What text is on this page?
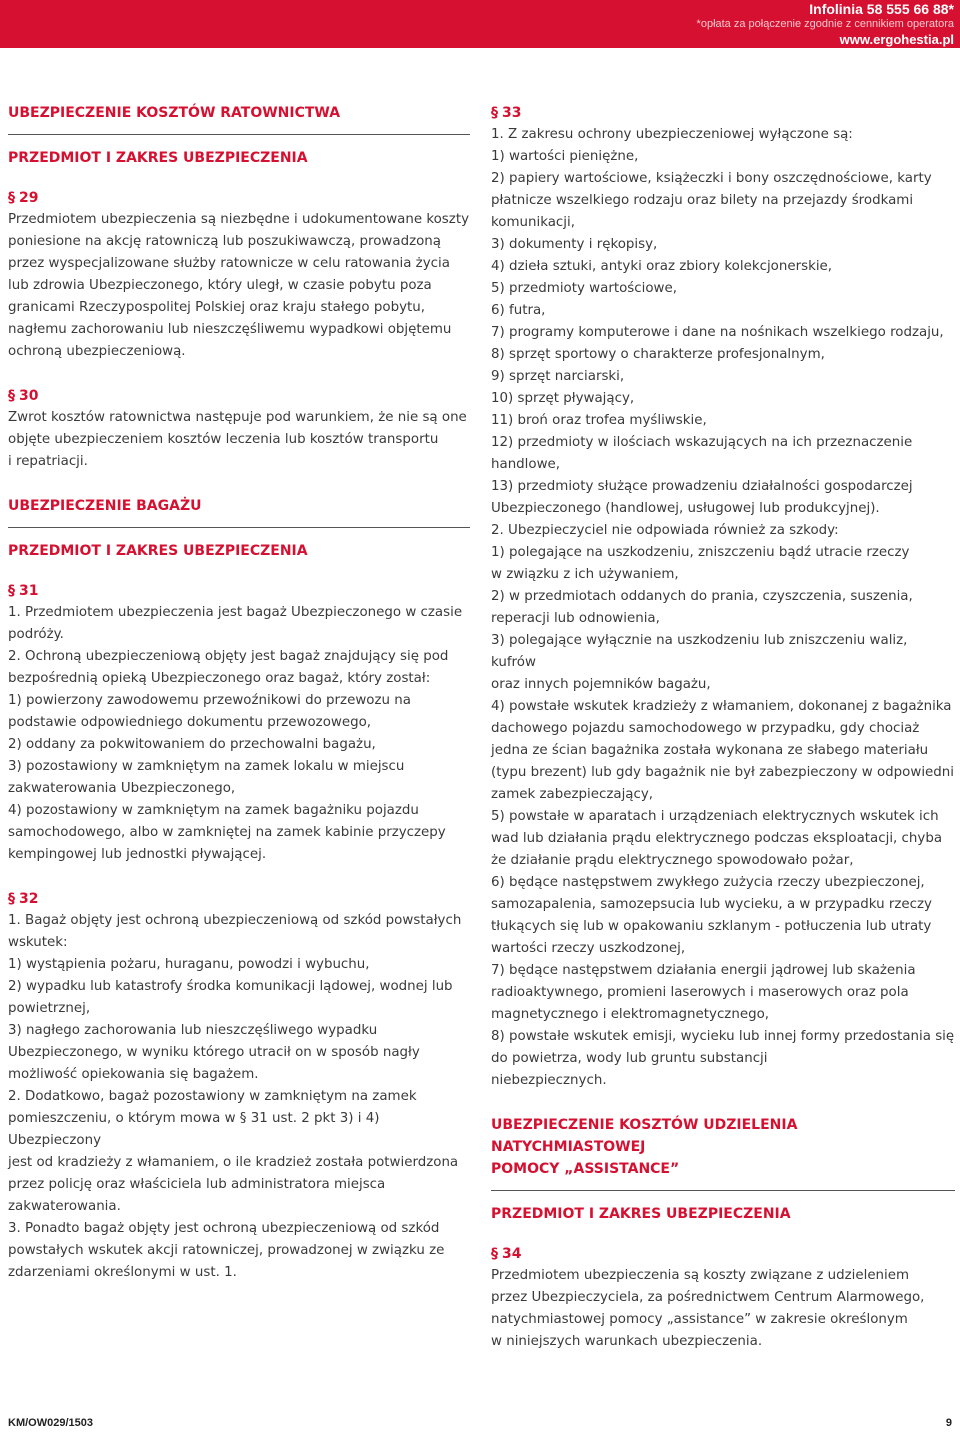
Infolinia 58 555 66 88*
*opłata za połączenie zgodnie z cennikiem operatora
www.ergohestia.pl
UBEZPIECZENIE KOSZTÓW RATOWNICTWA
PRZEDMIOT I ZAKRES UBEZPIECZENIA
§ 29
Przedmiotem ubezpieczenia są niezbędne i udokumentowane koszty
poniesione na akcję ratowniczą lub poszukiwawczą, prowadzoną
przez wyspecjalizowane służby ratownicze w celu ratowania życia
lub zdrowia Ubezpieczonego, który uległ, w czasie pobytu poza
granicami Rzeczypospolitej Polskiej oraz kraju stałego pobytu,
nagłemu zachorowaniu lub nieszczęśliwemu wypadkowi objętemu
ochroną ubezpieczeniową.
§ 30
Zwrot kosztów ratownictwa następuje pod warunkiem, że nie są one
objęte ubezpieczeniem kosztów leczenia lub kosztów transportu
i repatriacji.
UBEZPIECZENIE BAGAŻU
PRZEDMIOT I ZAKRES UBEZPIECZENIA
§ 31
1. Przedmiotem ubezpieczenia jest bagaż Ubezpieczonego w czasie
podróży.
2. Ochroną ubezpieczeniową objęty jest bagaż znajdujący się pod
bezpośrednią opieką Ubezpieczonego oraz bagaż, który został:
1) powierzony zawodowemu przewoźnikowi do przewozu na
podstawie odpowiedniego dokumentu przewozowego,
2) oddany za pokwitowaniem do przechowalni bagażu,
3) pozostawiony w zamkniętym na zamek lokalu w miejscu
zakwaterowania Ubezpieczonego,
4) pozostawiony w zamkniętym na zamek bagażniku pojazdu
samochodowego, albo w zamkniętej na zamek kabinie przyczepy
kempingowej lub jednostki pływającej.
§ 32
1. Bagaż objęty jest ochroną ubezpieczeniową od szkód powstałych
wskutek:
1) wystąpienia pożaru, huraganu, powodzi i wybuchu,
2) wypadku lub katastrofy środka komunikacji lądowej, wodnej lub
powietrznej,
3) nagłego zachorowania lub nieszczęśliwego wypadku
Ubezpieczonego, w wyniku którego utracił on w sposób nagły
możliwość opiekowania się bagażem.
2. Dodatkowo, bagaż pozostawiony w zamkniętym na zamek
pomieszczeniu, o którym mowa w § 31 ust. 2 pkt 3) i 4) Ubezpieczony
jest od kradzieży z włamaniem, o ile kradzież została potwierdzona
przez policję oraz właściciela lub administratora miejsca
zakwaterowania.
3. Ponadto bagaż objęty jest ochroną ubezpieczeniową od szkód
powstałych wskutek akcji ratowniczej, prowadzonej w związku ze
zdarzeniami określonymi w ust. 1.
§ 33
1. Z zakresu ochrony ubezpieczeniowej wyłączone są:
1) wartości pieniężne,
2) papiery wartościowe, książeczki i bony oszczędnościowe, karty
płatnicze wszelkiego rodzaju oraz bilety na przejazdy środkami
komunikacji,
3) dokumenty i rękopisy,
4) dzieła sztuki, antyki oraz zbiory kolekcjonerskie,
5) przedmioty wartościowe,
6) futra,
7) programy komputerowe i dane na nośnikach wszelkiego rodzaju,
8) sprzęt sportowy o charakterze profesjonalnym,
9) sprzęt narciarski,
10) sprzęt pływający,
11) broń oraz trofea myśliwskie,
12) przedmioty w ilościach wskazujących na ich przeznaczenie
handlowe,
13) przedmioty służące prowadzeniu działalności gospodarczej
Ubezpieczonego (handlowej, usługowej lub produkcyjnej).
2. Ubezpieczyciel nie odpowiada również za szkody:
1) polegające na uszkodzeniu, zniszczeniu bądź utracie rzeczy
w związku z ich używaniem,
2) w przedmiotach oddanych do prania, czyszczenia, suszenia,
reperacji lub odnowienia,
3) polegające wyłącznie na uszkodzeniu lub zniszczeniu waliz, kufrów
oraz innych pojemników bagażu,
4) powstałe wskutek kradzieży z włamaniem, dokonanej z bagażnika
dachowego pojazdu samochodowego w przypadku, gdy chociaż
jedna ze ścian bagażnika została wykonana ze słabego materiału
(typu brezent) lub gdy bagażnik nie był zabezpieczony w odpowiedni
zamek zabezpieczający,
5) powstałe w aparatach i urządzeniach elektrycznych wskutek ich
wad lub działania prądu elektrycznego podczas eksploatacji, chyba
że działanie prądu elektrycznego spowodowało pożar,
6) będące następstwem zwykłego zużycia rzeczy ubezpieczonej,
samozapalenia, samozepsucia lub wycieku, a w przypadku rzeczy
tłukących się lub w opakowaniu szklanym - potłuczenia lub utraty
wartości rzeczy uszkodzonej,
7) będące następstwem działania energii jądrowej lub skażenia
radioaktywnego, promieni laserowych i maserowych oraz pola
magnetycznego i elektromagnetycznego,
8) powstałe wskutek emisji, wycieku lub innej formy przedostania się
do powietrza, wody lub gruntu substancji
niebezpiecznych.
UBEZPIECZENIE KOSZTÓW UDZIELENIA NATYCHMIASTOWEJ
POMOCY „ASSISTANCE”
PRZEDMIOT I ZAKRES UBEZPIECZENIA
§ 34
Przedmiotem ubezpieczenia są koszty związane z udzieleniem
przez Ubezpieczyciela, za pośrednictwem Centrum Alarmowego,
natychmiastowej pomocy „assistance” w zakresie określonym
w niniejszych warunkach ubezpieczenia.
KM/OW029/1503	9
